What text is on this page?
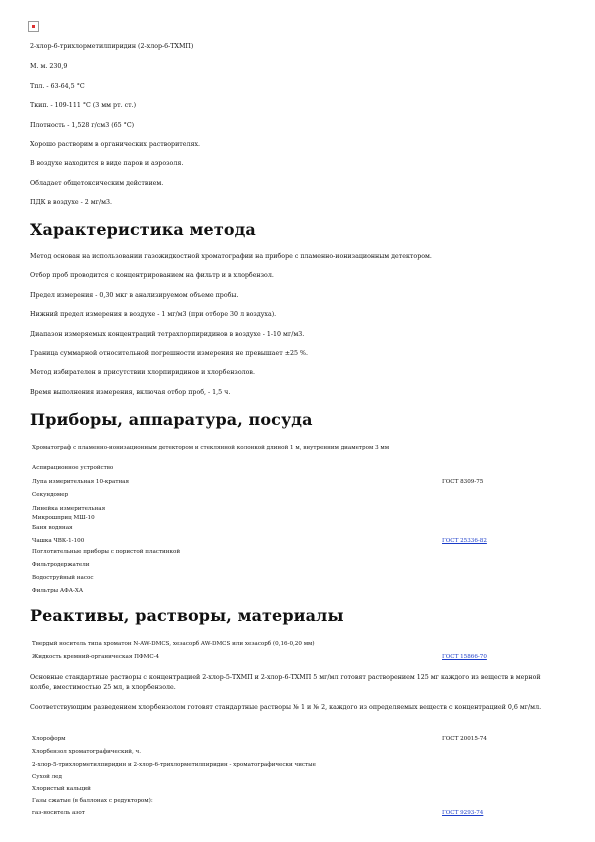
2-хлор-6-трихлорметилпиридин (2-хлор-6-ТХМП)
М. м. 230,9
Тпл. - 63-64,5 °C
Ткип. - 109-111 °C (3 мм рт. ст.)
Плотность - 1,528 г/см3 (65 °C)
Хорошо растворим в органических растворителях.
В воздухе находится в виде паров и аэрозоля.
Обладает общетоксическим действием.
ПДК в воздухе - 2 мг/м3.
Характеристика метода
Метод основан на использовании газожидкостной хроматографии на приборе с пламенно-ионизационным детектором.
Отбор проб проводится с концентрированием на фильтр и в хлорбензол.
Предел измерения - 0,30 мкг в анализируемом объеме пробы.
Нижний предел измерения в воздухе - 1 мг/м3 (при отборе 30 л воздуха).
Диапазон измеряемых концентраций тетрахлорпиридинов в воздухе - 1-10 мг/м3.
Граница суммарной относительной погрешности измерения не превышает ±25 %.
Метод избирателен в присутствии хлорпиридинов и хлорбензолов.
Время выполнения измерения, включая отбор проб, - 1,5 ч.
Приборы, аппаратура, посуда
Хроматограф с пламенно-ионизационным детектором и стеклянной колонкой длиной 1 м, внутренним диаметром 3 мм
Аспирационное устройство
Лупа измерительная 10-кратная	ГОСТ 8309-75
Секундомер
Линейка измерительная
Микрошприц МШ-10
Баня водяная
Чашка ЧВК-1-100	ГОСТ 25336-82
Поглотительные приборы с пористой пластинкой
Фильтродержатели
Водоструйный насос
Фильтры АФА-ХА
Реактивы, растворы, материалы
Твердый носитель типа хроматон N-AW-DMCS, хезасорб AW-DMCS или хезасорб (0,16-0,20 мм)
Жидкость кремний-органическая ПФМС-4	ГОСТ 15866-70
Основные стандартные растворы с концентрацией 2-хлор-5-ТХМП и 2-хлор-6-ТХМП 5 мг/мл готовят растворением 125 мг каждого из веществ в мерной колбе, вместимостью 25 мл, в хлорбензоле.
Соответствующим разведением хлорбензолом готовят стандартные растворы № 1 и № 2, каждого из определяемых веществ с концентрацией 0,6 мг/мл.
Хлороформ	ГОСТ 20015-74
Хлорбензол хроматографический, ч.
2-хлор-5-трихлорметилпиридин и 2-хлор-6-трихлорметилпиридин - хроматографически чистые
Сухой лед
Хлористый кальций
Газы сжатые (в баллонах с редуктором):
газ-носитель азот	ГОСТ 9293-74
